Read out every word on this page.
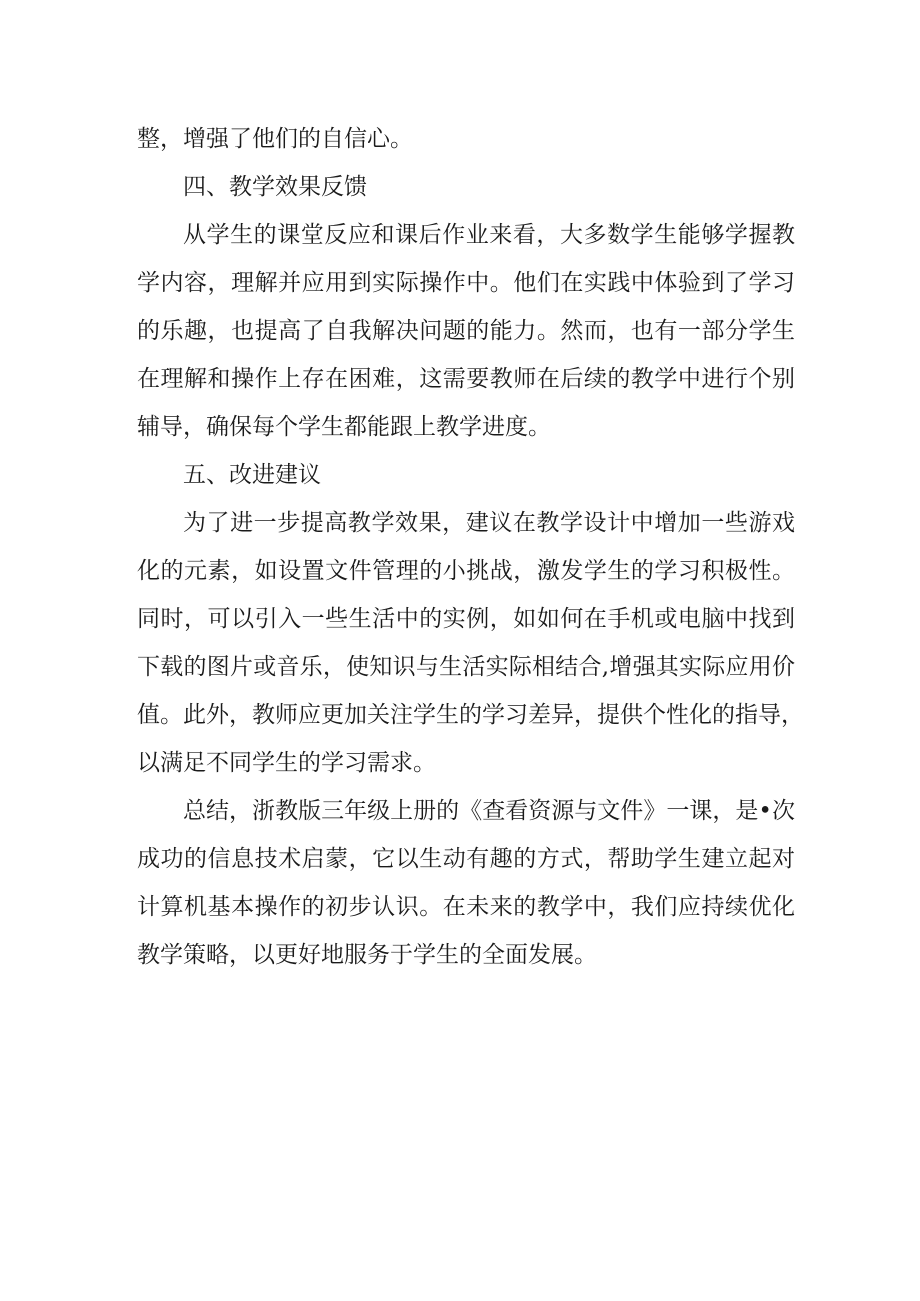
整，增强了他们的自信心。
四、教学效果反馈
从学生的课堂反应和课后作业来看，大多数学生能够学握教
学内容，理解并应用到实际操作中。他们在实践中体验到了学习
的乐趣，也提高了自我解决问题的能力。然而，也有一部分学生
在理解和操作上存在困难，这需要教师在后续的教学中进行个别
辅导，确保每个学生都能跟上教学进度。
五、改进建议
为了进一步提高教学效果，建议在教学设计中增加一些游戏
化的元素，如设置文件管理的小挑战，激发学生的学习积极性。
同时，可以引入一些生活中的实例，如如何在手机或电脑中找到
下载的图片或音乐，使知识与生活实际相结合,增强其实际应用价
值。此外，教师应更加关注学生的学习差异，提供个性化的指导，
以满足不同学生的学习需求。
总结，浙教版三年级上册的《查看资源与文件》一课，是•次
成功的信息技术启蒙，它以生动有趣的方式，帮助学生建立起对
计算机基本操作的初步认识。在未来的教学中，我们应持续优化
教学策略，以更好地服务于学生的全面发展。
